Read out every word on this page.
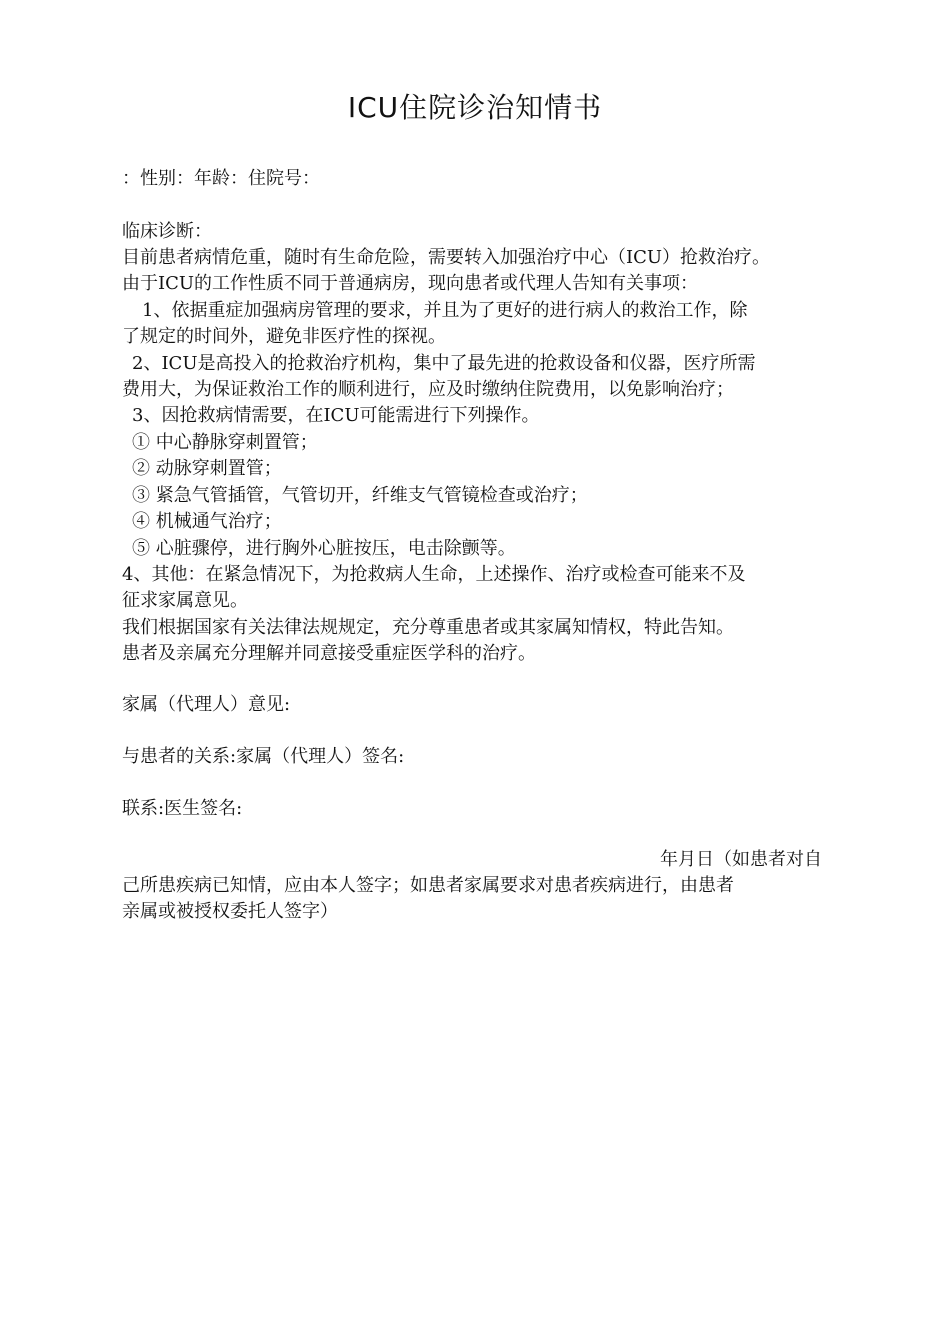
ICU住院诊治知情书
：性别：年龄：住院号：
临床诊断：
目前患者病情危重，随时有生命危险，需要转入加强治疗中心（ICU）抢救治疗。
由于ICU的工作性质不同于普通病房，现向患者或代理人告知有关事项：
1、依据重症加强病房管理的要求，并且为了更好的进行病人的救治工作，除
了规定的时间外，避免非医疗性的探视。
2、ICU是高投入的抢救治疗机构，集中了最先进的抢救设备和仪器，医疗所需
费用大，为保证救治工作的顺利进行，应及时缴纳住院费用，以免影响治疗；
3、因抢救病情需要，在ICU可能需进行下列操作。
① 中心静脉穿刺置管；
② 动脉穿刺置管；
③ 紧急气管插管，气管切开，纤维支气管镜检查或治疗；
④ 机械通气治疗；
⑤ 心脏骤停，进行胸外心脏按压，电击除颤等。
4、其他：在紧急情况下，为抢救病人生命，上述操作、治疗或检查可能来不及
征求家属意见。
我们根据国家有关法律法规规定，充分尊重患者或其家属知情权，特此告知。
患者及亲属充分理解并同意接受重症医学科的治疗。
家属（代理人）意见:
与患者的关系:家属（代理人）签名:
联系:医生签名:
年月日（如患者对自
己所患疾病已知情，应由本人签字；如患者家属要求对患者疾病进行，由患者
亲属或被授权委托人签字）
